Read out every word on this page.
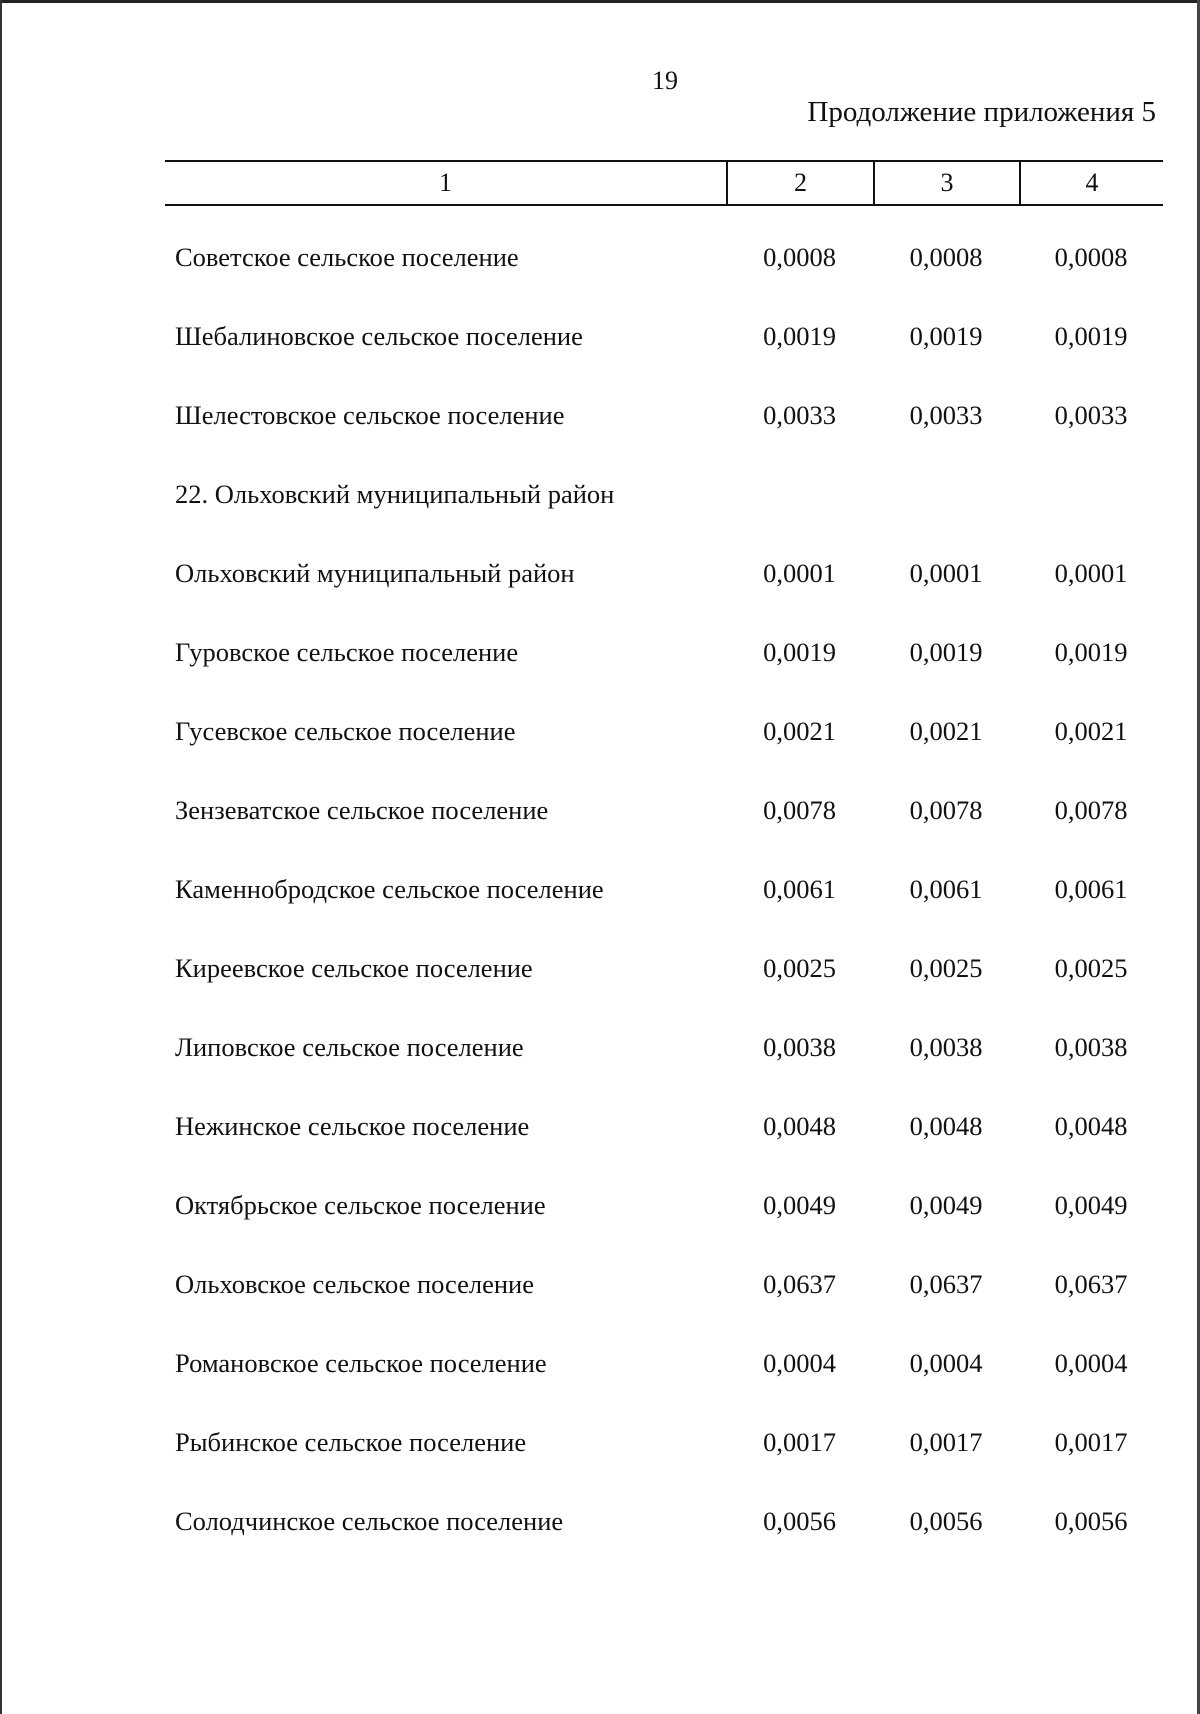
19
Продолжение приложения 5
1	2	3	4
Советское сельское поселение	0,0008	0,0008	0,0008
Шебалиновское сельское поселение	0,0019	0,0019	0,0019
Шелестовское сельское поселение	0,0033	0,0033	0,0033
22. Ольховский муниципальный район
Ольховский муниципальный район	0,0001	0,0001	0,0001
Гуровское сельское поселение	0,0019	0,0019	0,0019
Гусевское сельское поселение	0,0021	0,0021	0,0021
Зензеватское сельское поселение	0,0078	0,0078	0,0078
Каменнобродское сельское поселение	0,0061	0,0061	0,0061
Киреевское сельское поселение	0,0025	0,0025	0,0025
Липовское сельское поселение	0,0038	0,0038	0,0038
Нежинское сельское поселение	0,0048	0,0048	0,0048
Октябрьское сельское поселение	0,0049	0,0049	0,0049
Ольховское сельское поселение	0,0637	0,0637	0,0637
Романовское сельское поселение	0,0004	0,0004	0,0004
Рыбинское сельское поселение	0,0017	0,0017	0,0017
Солодчинское сельское поселение	0,0056	0,0056	0,0056
